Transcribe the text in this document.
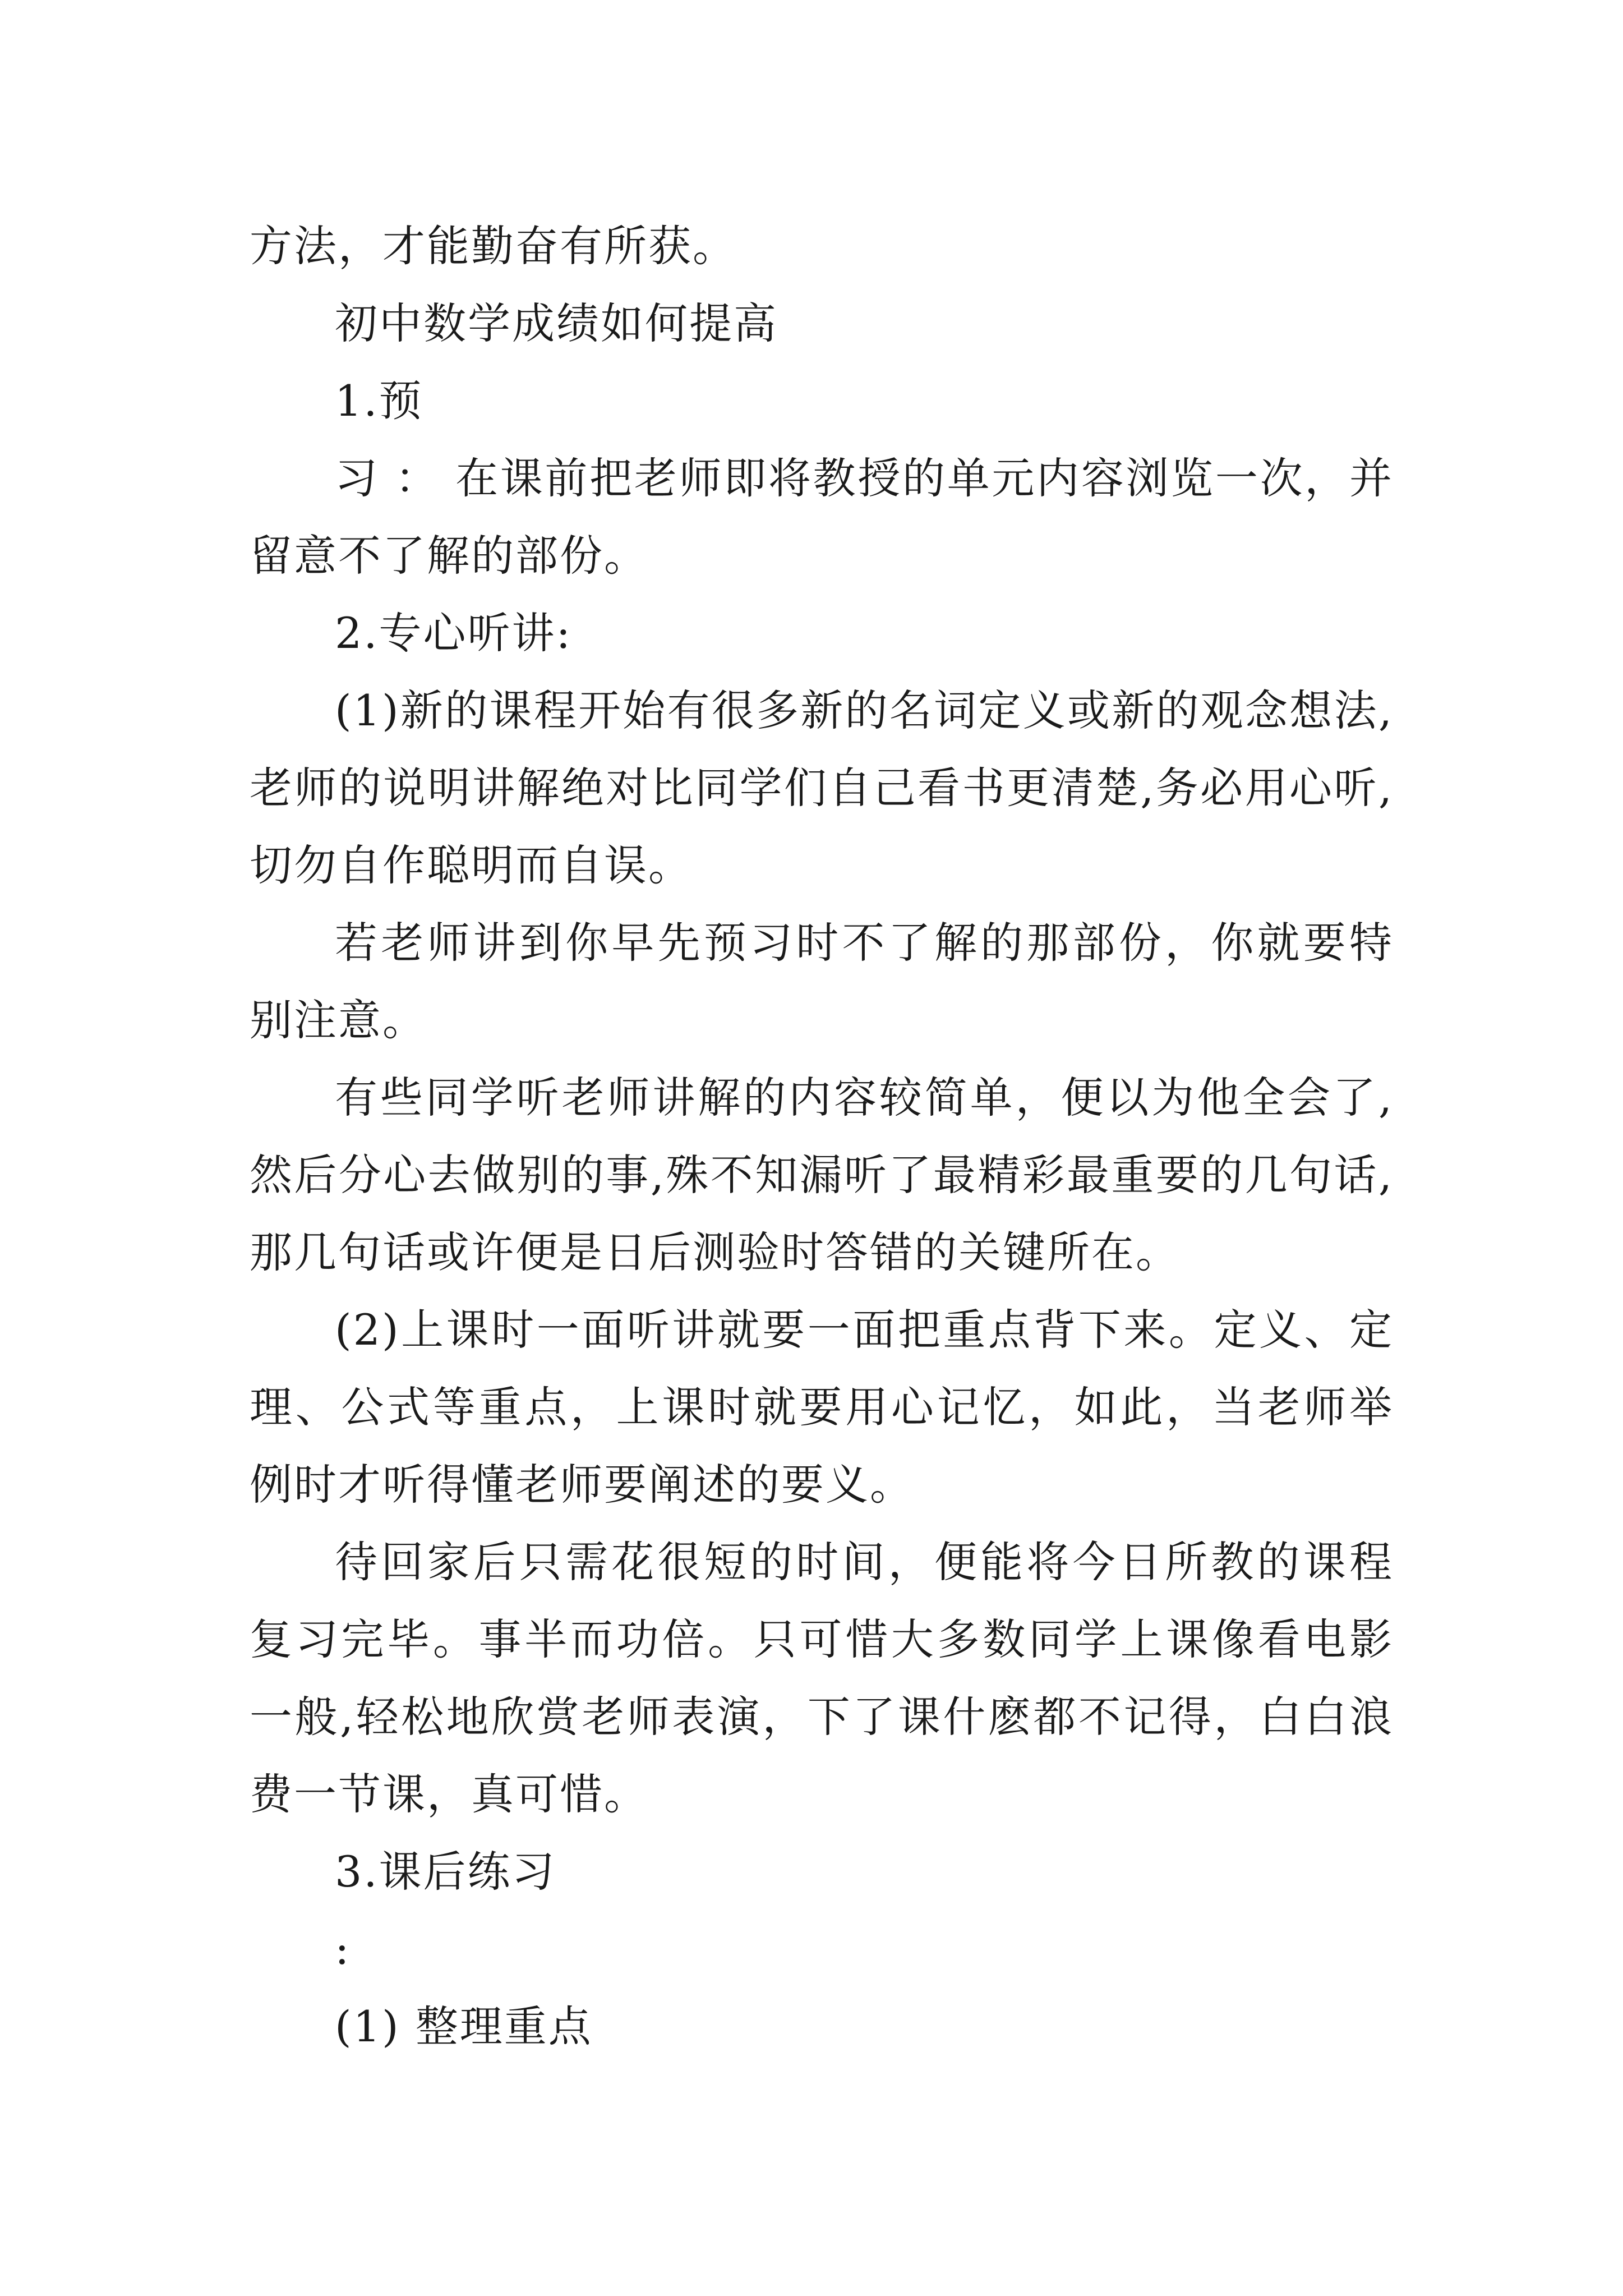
方法，才能勤奋有所获。

初中数学成绩如何提高

1.预

习 ： 在课前把老师即将教授的单元内容浏览一次，并留意不了解的部份。

2.专心听讲:

(1)新的课程开始有很多新的名词定义或新的观念想法,老师的说明讲解绝对比同学们自己看书更清楚,务必用心听,切勿自作聪明而自误。

若老师讲到你早先预习时不了解的那部份，你就要特别注意。

有些同学听老师讲解的内容较简单，便以为他全会了,然后分心去做别的事,殊不知漏听了最精彩最重要的几句话,那几句话或许便是日后测验时答错的关键所在。

(2)上课时一面听讲就要一面把重点背下来。定义、定理、公式等重点，上课时就要用心记忆，如此，当老师举例时才听得懂老师要阐述的要义。

待回家后只需花很短的时间，便能将今日所教的课程复习完毕。事半而功倍。只可惜大多数同学上课像看电影一般,轻松地欣赏老师表演，下了课什麽都不记得，白白浪费一节课，真可惜。

3.课后练习

:

(1) 整理重点
